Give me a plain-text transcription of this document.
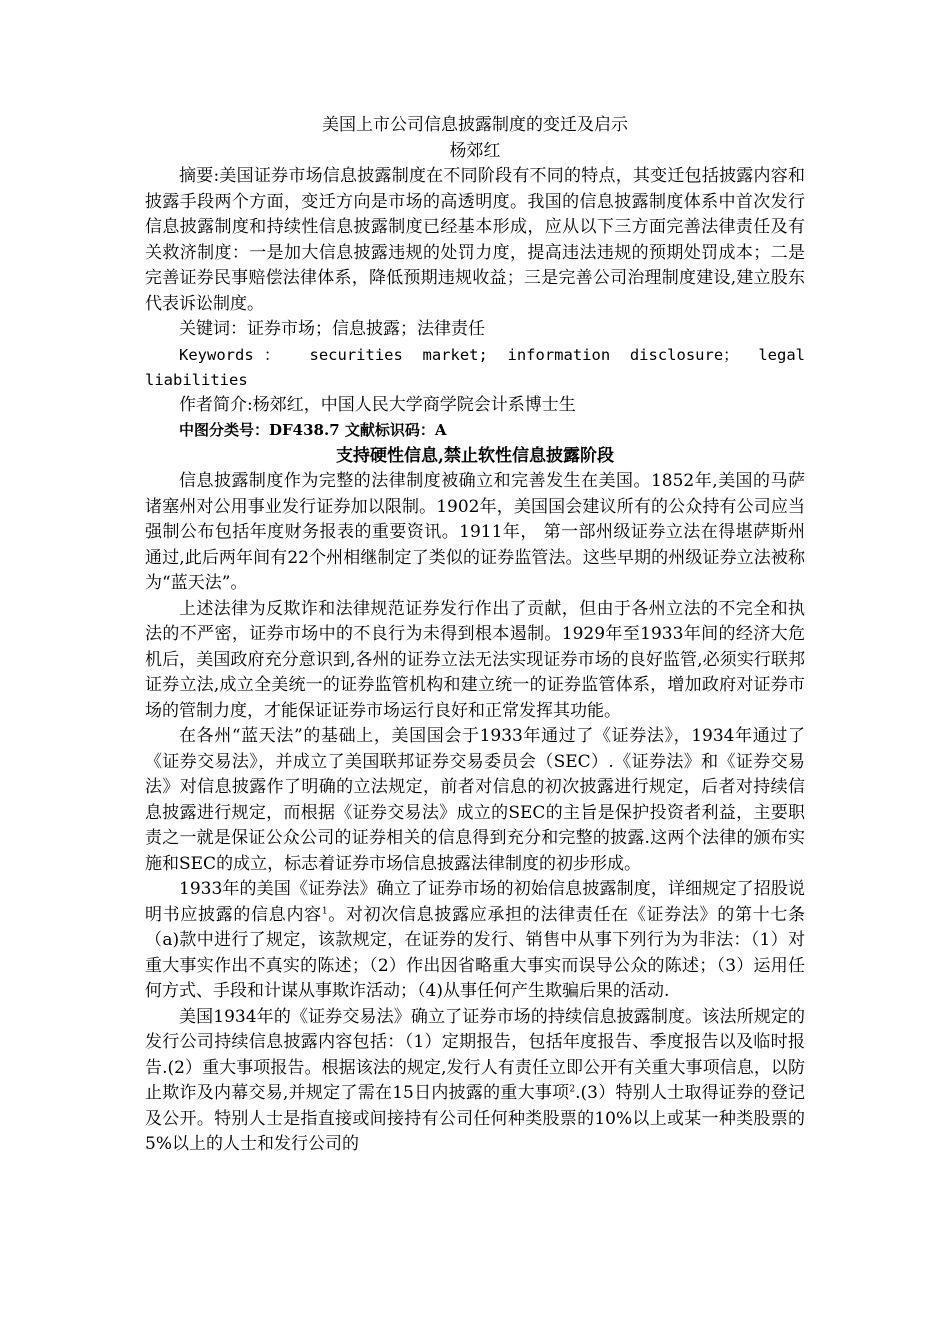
美国上市公司信息披露制度的变迁及启示
杨郊红

摘要:美国证券市场信息披露制度在不同阶段有不同的特点，其变迁包括披露内容和披露手段两个方面，变迁方向是市场的高透明度。我国的信息披露制度体系中首次发行信息披露制度和持续性信息披露制度已经基本形成，应从以下三方面完善法律责任及有关救济制度：一是加大信息披露违规的处罚力度，提高违法违规的预期处罚成本；二是完善证券民事赔偿法律体系，降低预期违规收益；三是完善公司治理制度建设,建立股东代表诉讼制度。

关键词：证券市场；信息披露；法律责任

Keywords： securities market; information disclosure； legal liabilities

作者简介:杨郊红，中国人民大学商学院会计系博士生

中图分类号：DF438.7 文献标识码：A

支持硬性信息,禁止软性信息披露阶段

信息披露制度作为完整的法律制度被确立和完善发生在美国。1852年,美国的马萨诸塞州对公用事业发行证券加以限制。1902年，美国国会建议所有的公众持有公司应当强制公布包括年度财务报表的重要资讯。1911年， 第一部州级证券立法在得堪萨斯州通过,此后两年间有22个州相继制定了类似的证券监管法。这些早期的州级证券立法被称为“蓝天法”。

上述法律为反欺诈和法律规范证券发行作出了贡献，但由于各州立法的不完全和执法的不严密，证券市场中的不良行为未得到根本遏制。1929年至1933年间的经济大危机后，美国政府充分意识到,各州的证券立法无法实现证券市场的良好监管,必须实行联邦证券立法,成立全美统一的证券监管机构和建立统一的证券监管体系，增加政府对证券市场的管制力度，才能保证证券市场运行良好和正常发挥其功能。

在各州“蓝天法”的基础上，美国国会于1933年通过了《证券法》，1934年通过了《证券交易法》，并成立了美国联邦证券交易委员会（SEC）.《证券法》和《证券交易法》对信息披露作了明确的立法规定，前者对信息的初次披露进行规定，后者对持续信息披露进行规定，而根据《证券交易法》成立的SEC的主旨是保护投资者利益，主要职责之一就是保证公众公司的证券相关的信息得到充分和完整的披露.这两个法律的颁布实施和SEC的成立，标志着证券市场信息披露法律制度的初步形成。

1933年的美国《证券法》确立了证券市场的初始信息披露制度，详细规定了招股说明书应披露的信息内容$^1$。对初次信息披露应承担的法律责任在《证券法》的第十七条（a)款中进行了规定，该款规定，在证券的发行、销售中从事下列行为为非法：（1）对重大事实作出不真实的陈述；（2）作出因省略重大事实而误导公众的陈述；（3）运用任何方式、手段和计谋从事欺诈活动；（4)从事任何产生欺骗后果的活动.

美国1934年的《证券交易法》确立了证券市场的持续信息披露制度。该法所规定的发行公司持续信息披露内容包括：（1）定期报告，包括年度报告、季度报告以及临时报告.(2）重大事项报告。根据该法的规定,发行人有责任立即公开有关重大事项信息，以防止欺诈及内幕交易,并规定了需在15日内披露的重大事项$^2$.(3）特别人士取得证券的登记及公开。特别人士是指直接或间接持有公司任何种类股票的10%以上或某一种类股票的5%以上的人士和发行公司的
